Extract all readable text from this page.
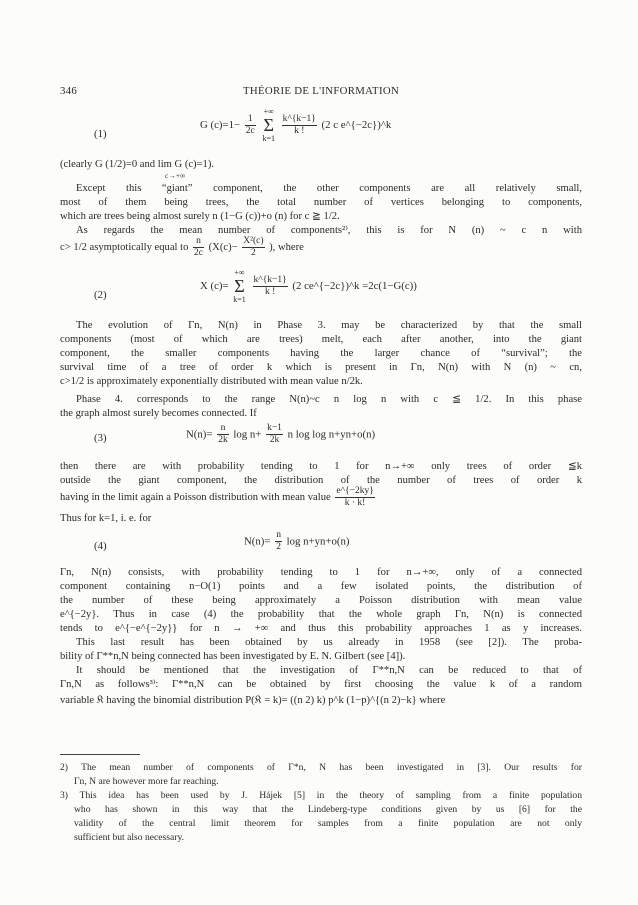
346	THÉORIE DE L'INFORMATION
(1)
G $(c)=1- \frac{1}{2c}$
+∞
Σ
k=1
$\frac{k\^{}\{k-1\}}{k !} (2$ c e^{−2c})^k
(clearly G (1/2)=0 and lim G (c)=1).
c→+∞
Except this “giant” component, the other components are all relatively small,
most of them being trees, the total number of vertices belonging to components,
which are trees being almost surely n (1−G (c))+o (n) for c ≧ 1/2.
As regards the mean number of components²⁾, this is for N (n) ~ c n with
c> 1/2 asymptotically equal to $\frac{n}{2c} (X(c)- \frac{\text{X²(c)}}{2}$ ), where
(2)
X (c)= +∞
Σ
k=1
$\frac{k\^{}\{k-1\}}{k !} (2$ ce^{−2c})^k =2c(1−G(c))
The evolution of Γn, N(n) in Phase 3. may be characterized by that the small
components (most of which are trees) melt, each after another, into the giant
component, the smaller components having the larger chance of “survival”; the
survival time of a tree of order k which is present in Γn, N(n) with N (n) ~ cn,
c>1/2 is approximately exponentially distributed with mean value n/2k.
Phase 4. corresponds to the range N(n)~c n log n with c ≦ 1/2. In this phase
the graph almost surely becomes connected. If
(3)	$N(n)= \frac{n}{2k}$ $\log n+ \frac{k-1}{2k}$ n log log n+yn+o(n)
then there are with probability tending to 1 for n→+∞ only trees of order ≦k
outside the giant component, the distribution of the number of trees of order k
having in the limit again a Poisson distribution with mean value $\frac{e\^{}\{-2ky\}}{k \cdot k!}$
Thus for k=1, i. e. for
(4)	$N(n)= \frac{n}{2}$ log n+yn+o(n)
Γn, N(n) consists, with probability tending to 1 for n→+∞, only of a connected
component containing n−O(1) points and a few isolated points, the distribution of
the number of these being approximately a Poisson distribution with mean value
e^{−2y}. Thus in case (4) the probability that the whole graph Γn, N(n) is connected
tends to e^{−e^{−2y}} for n → +∞ and thus this probability approaches 1 as y increases.
This last result has been obtained by us already in 1958 (see [2]). The proba-
bility of Γ**n,N being connected has been investigated by E. N. Gilbert (see [4]).
It should be mentioned that the investigation of Γ**n,N can be reduced to that of
Γn,N as follows³⁾: Γ**n,N can be obtained by first choosing the value k of a random
variable 𝔎 having the binomial distribution P(𝔎 = k)= ((n 2) k) p^k (1−p)^{(n 2)−k} where
2) The mean number of components of Γ*n, N has been investigated in [3]. Our results for
Γn, N are however more far reaching.
3) This idea has been used by J. Hájek [5] in the theory of sampling from a finite population
who has shown in this way that the Lindeberg-type conditions given by us [6] for the
validity of the central limit theorem for samples from a finite population are not only
sufficient but also necessary.
